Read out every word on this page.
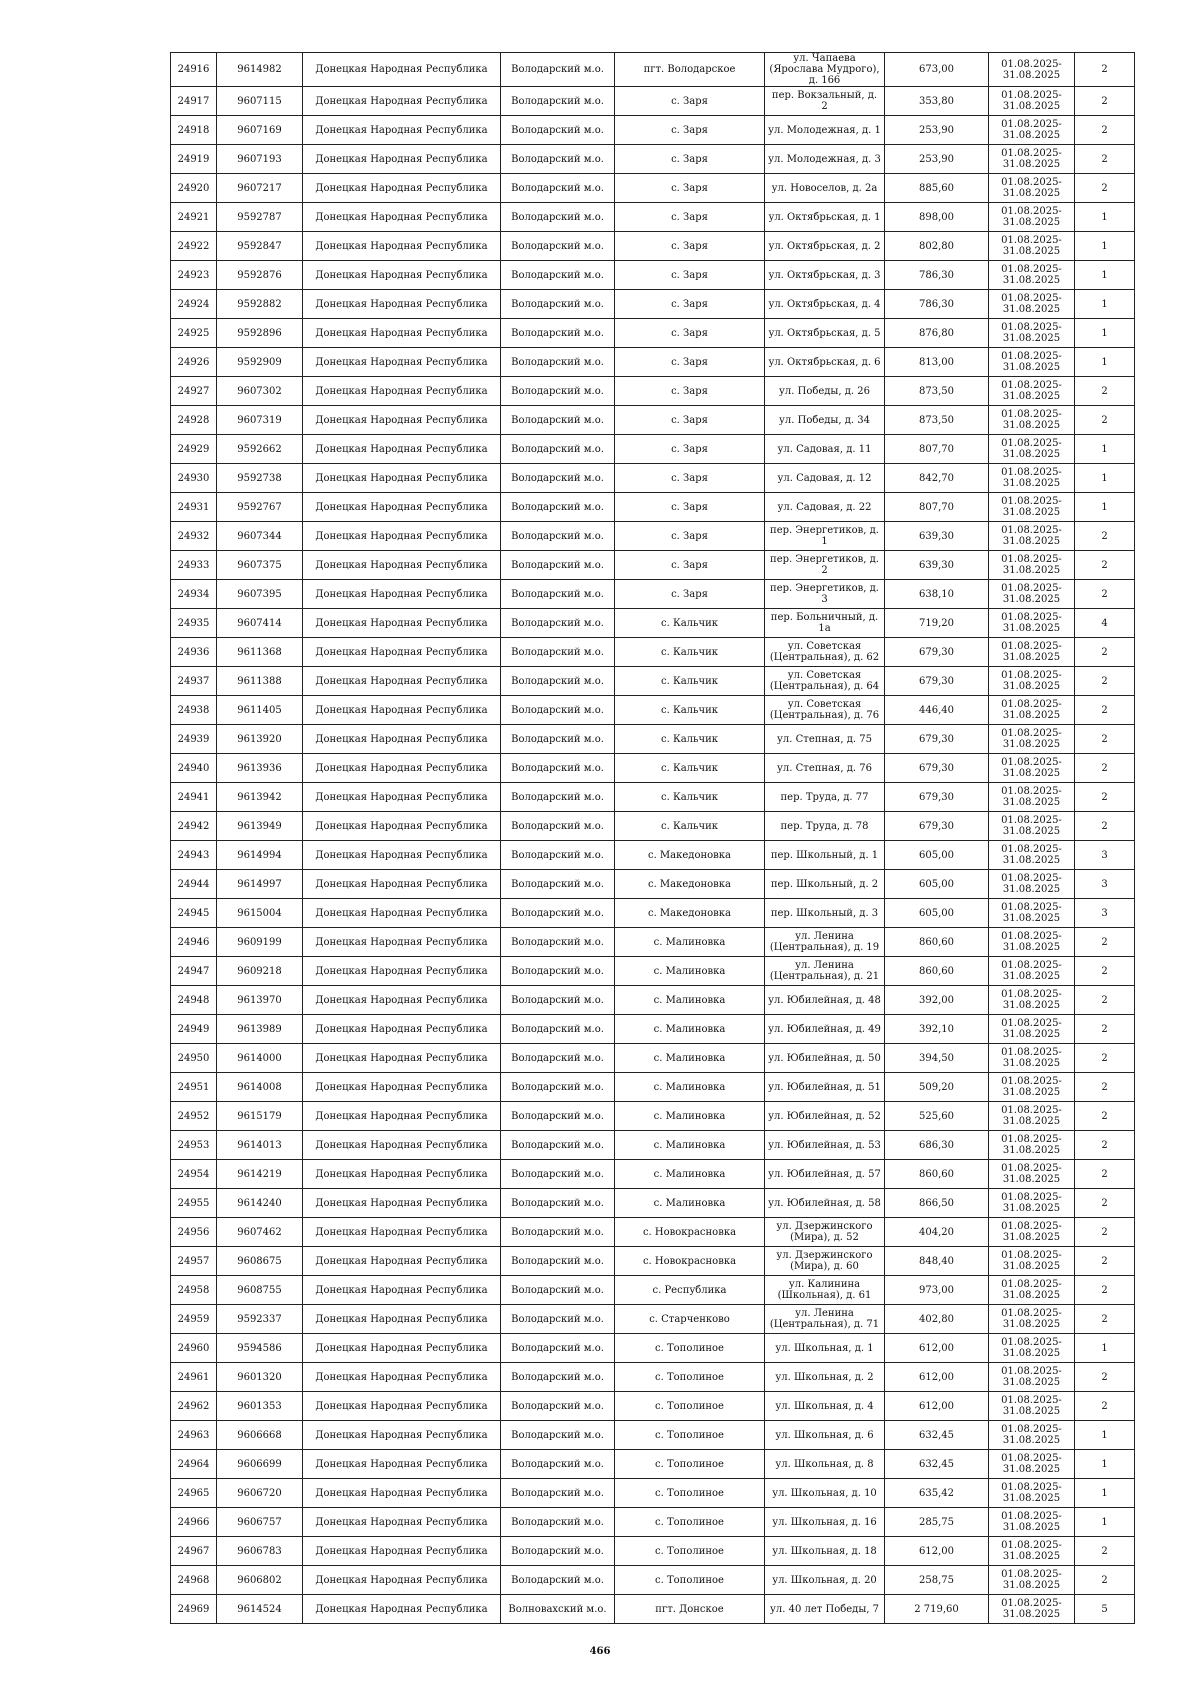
24916	9614982	Донецкая Народная Республика	Володарский м.о.	пгт. Володарское	ул. Чапаева (Ярослава Мудрого), д. 166	673,00	01.08.2025-31.08.2025	2
24917	9607115	Донецкая Народная Республика	Володарский м.о.	с. Заря	пер. Вокзальный, д. 2	353,80	01.08.2025-31.08.2025	2
24918	9607169	Донецкая Народная Республика	Володарский м.о.	с. Заря	ул. Молодежная, д. 1	253,90	01.08.2025-31.08.2025	2
24919	9607193	Донецкая Народная Республика	Володарский м.о.	с. Заря	ул. Молодежная, д. 3	253,90	01.08.2025-31.08.2025	2
24920	9607217	Донецкая Народная Республика	Володарский м.о.	с. Заря	ул. Новоселов, д. 2а	885,60	01.08.2025-31.08.2025	2
24921	9592787	Донецкая Народная Республика	Володарский м.о.	с. Заря	ул. Октябрьская, д. 1	898,00	01.08.2025-31.08.2025	1
24922	9592847	Донецкая Народная Республика	Володарский м.о.	с. Заря	ул. Октябрьская, д. 2	802,80	01.08.2025-31.08.2025	1
24923	9592876	Донецкая Народная Республика	Володарский м.о.	с. Заря	ул. Октябрьская, д. 3	786,30	01.08.2025-31.08.2025	1
24924	9592882	Донецкая Народная Республика	Володарский м.о.	с. Заря	ул. Октябрьская, д. 4	786,30	01.08.2025-31.08.2025	1
24925	9592896	Донецкая Народная Республика	Володарский м.о.	с. Заря	ул. Октябрьская, д. 5	876,80	01.08.2025-31.08.2025	1
24926	9592909	Донецкая Народная Республика	Володарский м.о.	с. Заря	ул. Октябрьская, д. 6	813,00	01.08.2025-31.08.2025	1
24927	9607302	Донецкая Народная Республика	Володарский м.о.	с. Заря	ул. Победы, д. 26	873,50	01.08.2025-31.08.2025	2
24928	9607319	Донецкая Народная Республика	Володарский м.о.	с. Заря	ул. Победы, д. 34	873,50	01.08.2025-31.08.2025	2
24929	9592662	Донецкая Народная Республика	Володарский м.о.	с. Заря	ул. Садовая, д. 11	807,70	01.08.2025-31.08.2025	1
24930	9592738	Донецкая Народная Республика	Володарский м.о.	с. Заря	ул. Садовая, д. 12	842,70	01.08.2025-31.08.2025	1
24931	9592767	Донецкая Народная Республика	Володарский м.о.	с. Заря	ул. Садовая, д. 22	807,70	01.08.2025-31.08.2025	1
24932	9607344	Донецкая Народная Республика	Володарский м.о.	с. Заря	пер. Энергетиков, д. 1	639,30	01.08.2025-31.08.2025	2
24933	9607375	Донецкая Народная Республика	Володарский м.о.	с. Заря	пер. Энергетиков, д. 2	639,30	01.08.2025-31.08.2025	2
24934	9607395	Донецкая Народная Республика	Володарский м.о.	с. Заря	пер. Энергетиков, д. 3	638,10	01.08.2025-31.08.2025	2
24935	9607414	Донецкая Народная Республика	Володарский м.о.	с. Кальчик	пер. Больничный, д. 1а	719,20	01.08.2025-31.08.2025	4
24936	9611368	Донецкая Народная Республика	Володарский м.о.	с. Кальчик	ул. Советская (Центральная), д. 62	679,30	01.08.2025-31.08.2025	2
24937	9611388	Донецкая Народная Республика	Володарский м.о.	с. Кальчик	ул. Советская (Центральная), д. 64	679,30	01.08.2025-31.08.2025	2
24938	9611405	Донецкая Народная Республика	Володарский м.о.	с. Кальчик	ул. Советская (Центральная), д. 76	446,40	01.08.2025-31.08.2025	2
24939	9613920	Донецкая Народная Республика	Володарский м.о.	с. Кальчик	ул. Степная, д. 75	679,30	01.08.2025-31.08.2025	2
24940	9613936	Донецкая Народная Республика	Володарский м.о.	с. Кальчик	ул. Степная, д. 76	679,30	01.08.2025-31.08.2025	2
24941	9613942	Донецкая Народная Республика	Володарский м.о.	с. Кальчик	пер. Труда, д. 77	679,30	01.08.2025-31.08.2025	2
24942	9613949	Донецкая Народная Республика	Володарский м.о.	с. Кальчик	пер. Труда, д. 78	679,30	01.08.2025-31.08.2025	2
24943	9614994	Донецкая Народная Республика	Володарский м.о.	с. Македоновка	пер. Школьный, д. 1	605,00	01.08.2025-31.08.2025	3
24944	9614997	Донецкая Народная Республика	Володарский м.о.	с. Македоновка	пер. Школьный, д. 2	605,00	01.08.2025-31.08.2025	3
24945	9615004	Донецкая Народная Республика	Володарский м.о.	с. Македоновка	пер. Школьный, д. 3	605,00	01.08.2025-31.08.2025	3
24946	9609199	Донецкая Народная Республика	Володарский м.о.	с. Малиновка	ул. Ленина (Центральная), д. 19	860,60	01.08.2025-31.08.2025	2
24947	9609218	Донецкая Народная Республика	Володарский м.о.	с. Малиновка	ул. Ленина (Центральная), д. 21	860,60	01.08.2025-31.08.2025	2
24948	9613970	Донецкая Народная Республика	Володарский м.о.	с. Малиновка	ул. Юбилейная, д. 48	392,00	01.08.2025-31.08.2025	2
24949	9613989	Донецкая Народная Республика	Володарский м.о.	с. Малиновка	ул. Юбилейная, д. 49	392,10	01.08.2025-31.08.2025	2
24950	9614000	Донецкая Народная Республика	Володарский м.о.	с. Малиновка	ул. Юбилейная, д. 50	394,50	01.08.2025-31.08.2025	2
24951	9614008	Донецкая Народная Республика	Володарский м.о.	с. Малиновка	ул. Юбилейная, д. 51	509,20	01.08.2025-31.08.2025	2
24952	9615179	Донецкая Народная Республика	Володарский м.о.	с. Малиновка	ул. Юбилейная, д. 52	525,60	01.08.2025-31.08.2025	2
24953	9614013	Донецкая Народная Республика	Володарский м.о.	с. Малиновка	ул. Юбилейная, д. 53	686,30	01.08.2025-31.08.2025	2
24954	9614219	Донецкая Народная Республика	Володарский м.о.	с. Малиновка	ул. Юбилейная, д. 57	860,60	01.08.2025-31.08.2025	2
24955	9614240	Донецкая Народная Республика	Володарский м.о.	с. Малиновка	ул. Юбилейная, д. 58	866,50	01.08.2025-31.08.2025	2
24956	9607462	Донецкая Народная Республика	Володарский м.о.	с. Новокрасновка	ул. Дзержинского (Мира), д. 52	404,20	01.08.2025-31.08.2025	2
24957	9608675	Донецкая Народная Республика	Володарский м.о.	с. Новокрасновка	ул. Дзержинского (Мира), д. 60	848,40	01.08.2025-31.08.2025	2
24958	9608755	Донецкая Народная Республика	Володарский м.о.	с. Республика	ул. Калинина (Школьная), д. 61	973,00	01.08.2025-31.08.2025	2
24959	9592337	Донецкая Народная Республика	Володарский м.о.	с. Старченково	ул. Ленина (Центральная), д. 71	402,80	01.08.2025-31.08.2025	2
24960	9594586	Донецкая Народная Республика	Володарский м.о.	с. Тополиное	ул. Школьная, д. 1	612,00	01.08.2025-31.08.2025	1
24961	9601320	Донецкая Народная Республика	Володарский м.о.	с. Тополиное	ул. Школьная, д. 2	612,00	01.08.2025-31.08.2025	2
24962	9601353	Донецкая Народная Республика	Володарский м.о.	с. Тополиное	ул. Школьная, д. 4	612,00	01.08.2025-31.08.2025	2
24963	9606668	Донецкая Народная Республика	Володарский м.о.	с. Тополиное	ул. Школьная, д. 6	632,45	01.08.2025-31.08.2025	1
24964	9606699	Донецкая Народная Республика	Володарский м.о.	с. Тополиное	ул. Школьная, д. 8	632,45	01.08.2025-31.08.2025	1
24965	9606720	Донецкая Народная Республика	Володарский м.о.	с. Тополиное	ул. Школьная, д. 10	635,42	01.08.2025-31.08.2025	1
24966	9606757	Донецкая Народная Республика	Володарский м.о.	с. Тополиное	ул. Школьная, д. 16	285,75	01.08.2025-31.08.2025	1
24967	9606783	Донецкая Народная Республика	Володарский м.о.	с. Тополиное	ул. Школьная, д. 18	612,00	01.08.2025-31.08.2025	2
24968	9606802	Донецкая Народная Республика	Володарский м.о.	с. Тополиное	ул. Школьная, д. 20	258,75	01.08.2025-31.08.2025	2
24969	9614524	Донецкая Народная Республика	Волновахский м.о.	пгт. Донское	ул. 40 лет Победы, 7	2 719,60	01.08.2025-31.08.2025	5
466
